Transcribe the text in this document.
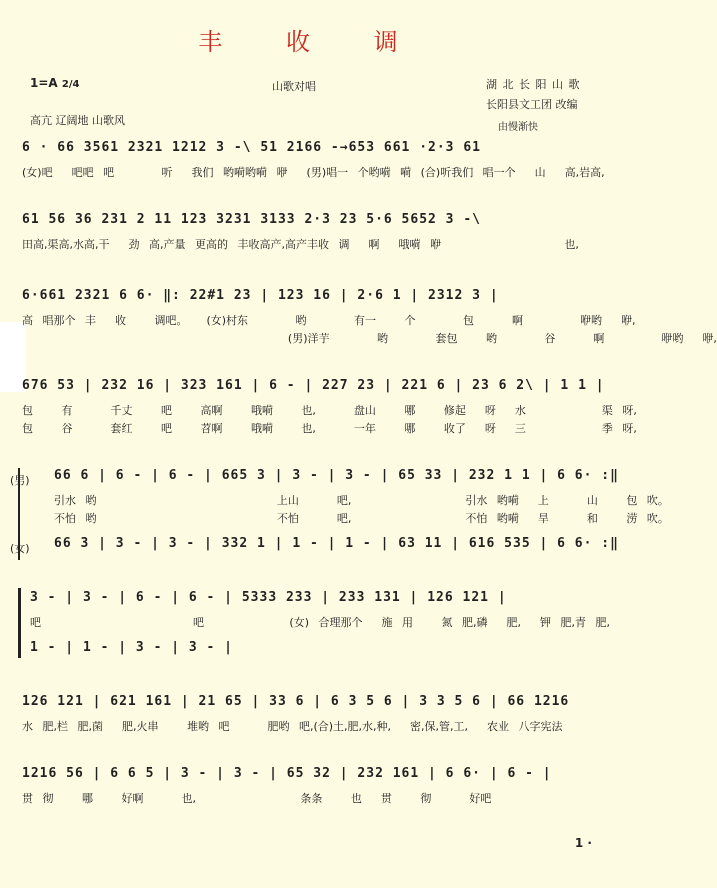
丰 收 调
1=A 2/4	山歌对唱	湖 北 长 阳 山 歌
长阳县文工团 改编
高亢 辽阔地 山歌风
由慢渐快
6 · 66 3561 2321 1212 3 -\ 51 2166 -→653 661 ·2·3 61
(女)吧  吧吧 吧     听  我们 哟嗬哟嗬 咿  (男)唱一 个哟嗬 嗬 (合)听我们 唱一个  山  高,岩高,
61 56 36 231 2 11 123 3231 3133 2·3 23 5·6 5652 3 -\
田高,渠高,水高,干  劲 高,产量 更高的 丰收高产,高产丰收 调  啊  哦嗬 咿             也,
6·661 2321 6 6· ‖: 22#1 23 | 123 16 | 2·6 1 | 2312 3 |
高 唱那个 丰  收   调吧。  (女)村东     哟     有一   个     包    啊      咿哟  咿,
(男)洋芋     哟     套包   哟     谷    啊      咿哟  咿,
676 53 | 232 16 | 323 161 | 6 - | 227 23 | 221 6 | 23 6 2\ | 1 1 |
包   有    千丈   吧   高啊   哦嗬   也,    盘山   哪   修起  呀  水        渠 呀,
包   谷    套红   吧   苕啊   哦嗬   也,    一年   哪   收了  呀  三        季 呀,
(男) 66 6 | 6 - | 6 - | 665 3 | 3 - | 3 - | 65 33 | 232 1 1 | 6 6· :‖
引水 哟                   上山    吧,            引水 哟嗬  上    山   包 吹。
不怕 哟                   不怕    吧,            不怕 哟嗬  旱    和   涝 吹。
(女) 66 3 | 3 - | 3 - | 332 1 | 1 - | 1 - | 63 11 | 616 535 | 6 6· :‖
3 - | 3 - | 6 - | 6 - | 5333 233 | 233 131 | 126 121 |
吧                吧         (女) 合理那个  施 用   氮 肥,磷  肥,  钾 肥,青 肥,
1 - | 1 - | 3 - | 3 - |
126 121 | 621 161 | 21 65 | 33 6 | 6 3 5 6 | 3 3 5 6 | 66 1216
水 肥,栏 肥,菌  肥,火串   堆哟 吧    肥哟 吧,(合)土,肥,水,种,  密,保,管,工,  农业 八字宪法
1216 56 | 6 6 5 | 3 - | 3 - | 65 32 | 232 161 | 6 6· | 6 - |
贯 彻   哪   好啊    也,           条条   也  贯   彻    好吧
1 ·
